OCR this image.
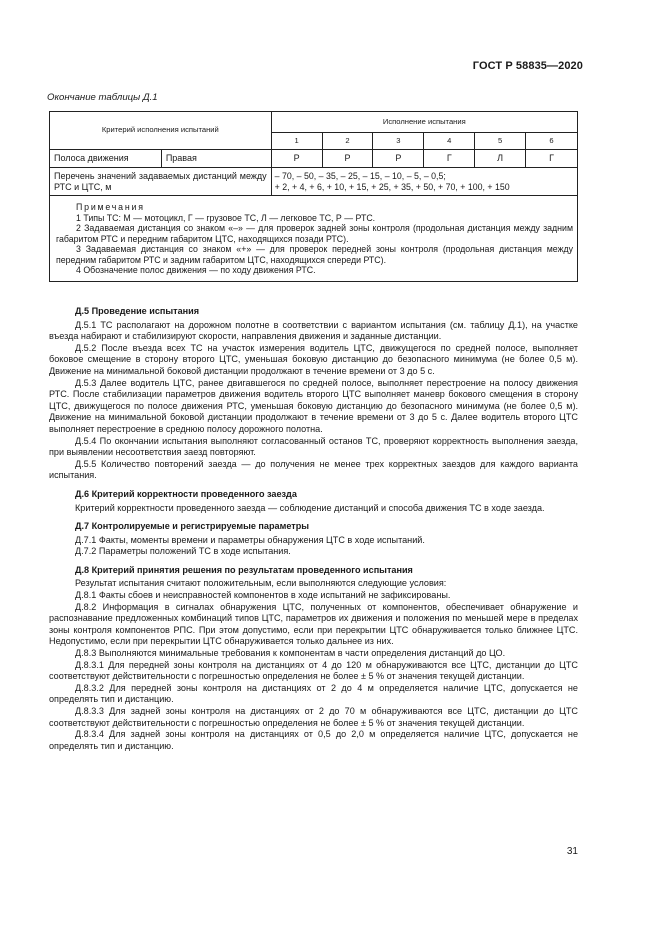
ГОСТ Р 58835—2020
Окончание таблицы Д.1
Критерий исполнения испытаний		Исполнение испытания					
		1	2	3	4	5	6
Полоса движения	Правая	Р	Р	Р	Г	Л	Г
Перечень значений задаваемых дистанций между РТС и ЦТС, м		– 70, – 50, – 35, – 25, – 15, – 10, – 5, – 0,5;
+ 2, + 4, + 6, + 10, + 15, + 25, + 35, + 50, + 70, + 100, + 150					

Примечания
1 Типы ТС: М — мотоцикл, Г — грузовое ТС, Л — легковое ТС, Р — РТС.
2 Задаваемая дистанция со знаком «–» — для проверок задней зоны контроля (продольная дистанция между задним габаритом РТС и передним габаритом ЦТС, находящихся позади РТС).
3 Задаваемая дистанция со знаком «+» — для проверок передней зоны контроля (продольная дистанция между передним габаритом РТС и задним габаритом ЦТС, находящихся спереди РТС).
4 Обозначение полос движения — по ходу движения РТС.							
Д.5 Проведение испытания
Д.5.1 ТС располагают на дорожном полотне в соответствии с вариантом испытания (см. таблицу Д.1), на участке въезда набирают и стабилизируют скорости, направления движения и заданные дистанции.
Д.5.2 После въезда всех ТС на участок измерения водитель ЦТС, движущегося по средней полосе, выполняет боковое смещение в сторону второго ЦТС, уменьшая боковую дистанцию до безопасного минимума (не более 0,5 м). Движение на минимальной боковой дистанции продолжают в течение времени от 3 до 5 с.
Д.5.3 Далее водитель ЦТС, ранее двигавшегося по средней полосе, выполняет перестроение на полосу движения РТС. После стабилизации параметров движения водитель второго ЦТС выполняет маневр бокового смещения в сторону ЦТС, движущегося по полосе движения РТС, уменьшая боковую дистанцию до безопасного минимума (не более 0,5 м). Движение на минимальной боковой дистанции продолжают в течение времени от 3 до 5 с. Далее водитель второго ЦТС выполняет перестроение в среднюю полосу дорожного полотна.
Д.5.4 По окончании испытания выполняют согласованный останов ТС, проверяют корректность выполнения заезда, при выявлении несоответствия заезд повторяют.
Д.5.5 Количество повторений заезда — до получения не менее трех корректных заездов для каждого варианта испытания.
Д.6 Критерий корректности проведенного заезда
Критерий корректности проведенного заезда — соблюдение дистанций и способа движения ТС в ходе заезда.
Д.7 Контролируемые и регистрируемые параметры
Д.7.1 Факты, моменты времени и параметры обнаружения ЦТС в ходе испытаний.
Д.7.2 Параметры положений ТС в ходе испытания.
Д.8 Критерий принятия решения по результатам проведенного испытания
Результат испытания считают положительным, если выполняются следующие условия:
Д.8.1 Факты сбоев и неисправностей компонентов в ходе испытаний не зафиксированы.
Д.8.2 Информация в сигналах обнаружения ЦТС, полученных от компонентов, обеспечивает обнаружение и распознавание предложенных комбинаций типов ЦТС, параметров их движения и положения по меньшей мере в пределах зоны контроля компонентов РПС. При этом допустимо, если при перекрытии ЦТС обнаруживается только ближнее ЦТС. Недопустимо, если при перекрытии ЦТС обнаруживается только дальнее из них.
Д.8.3 Выполняются минимальные требования к компонентам в части определения дистанций до ЦО.
Д.8.3.1 Для передней зоны контроля на дистанциях от 4 до 120 м обнаруживаются все ЦТС, дистанции до ЦТС соответствуют действительности с погрешностью определения не более ± 5 % от значения текущей дистанции.
Д.8.3.2 Для передней зоны контроля на дистанциях от 2 до 4 м определяется наличие ЦТС, допускается не определять тип и дистанцию.
Д.8.3.3 Для задней зоны контроля на дистанциях от 2 до 70 м обнаруживаются все ЦТС, дистанции до ЦТС соответствуют действительности с погрешностью определения не более ± 5 % от значения текущей дистанции.
Д.8.3.4 Для задней зоны контроля на дистанциях от 0,5 до 2,0 м определяется наличие ЦТС, допускается не определять тип и дистанцию.
31
